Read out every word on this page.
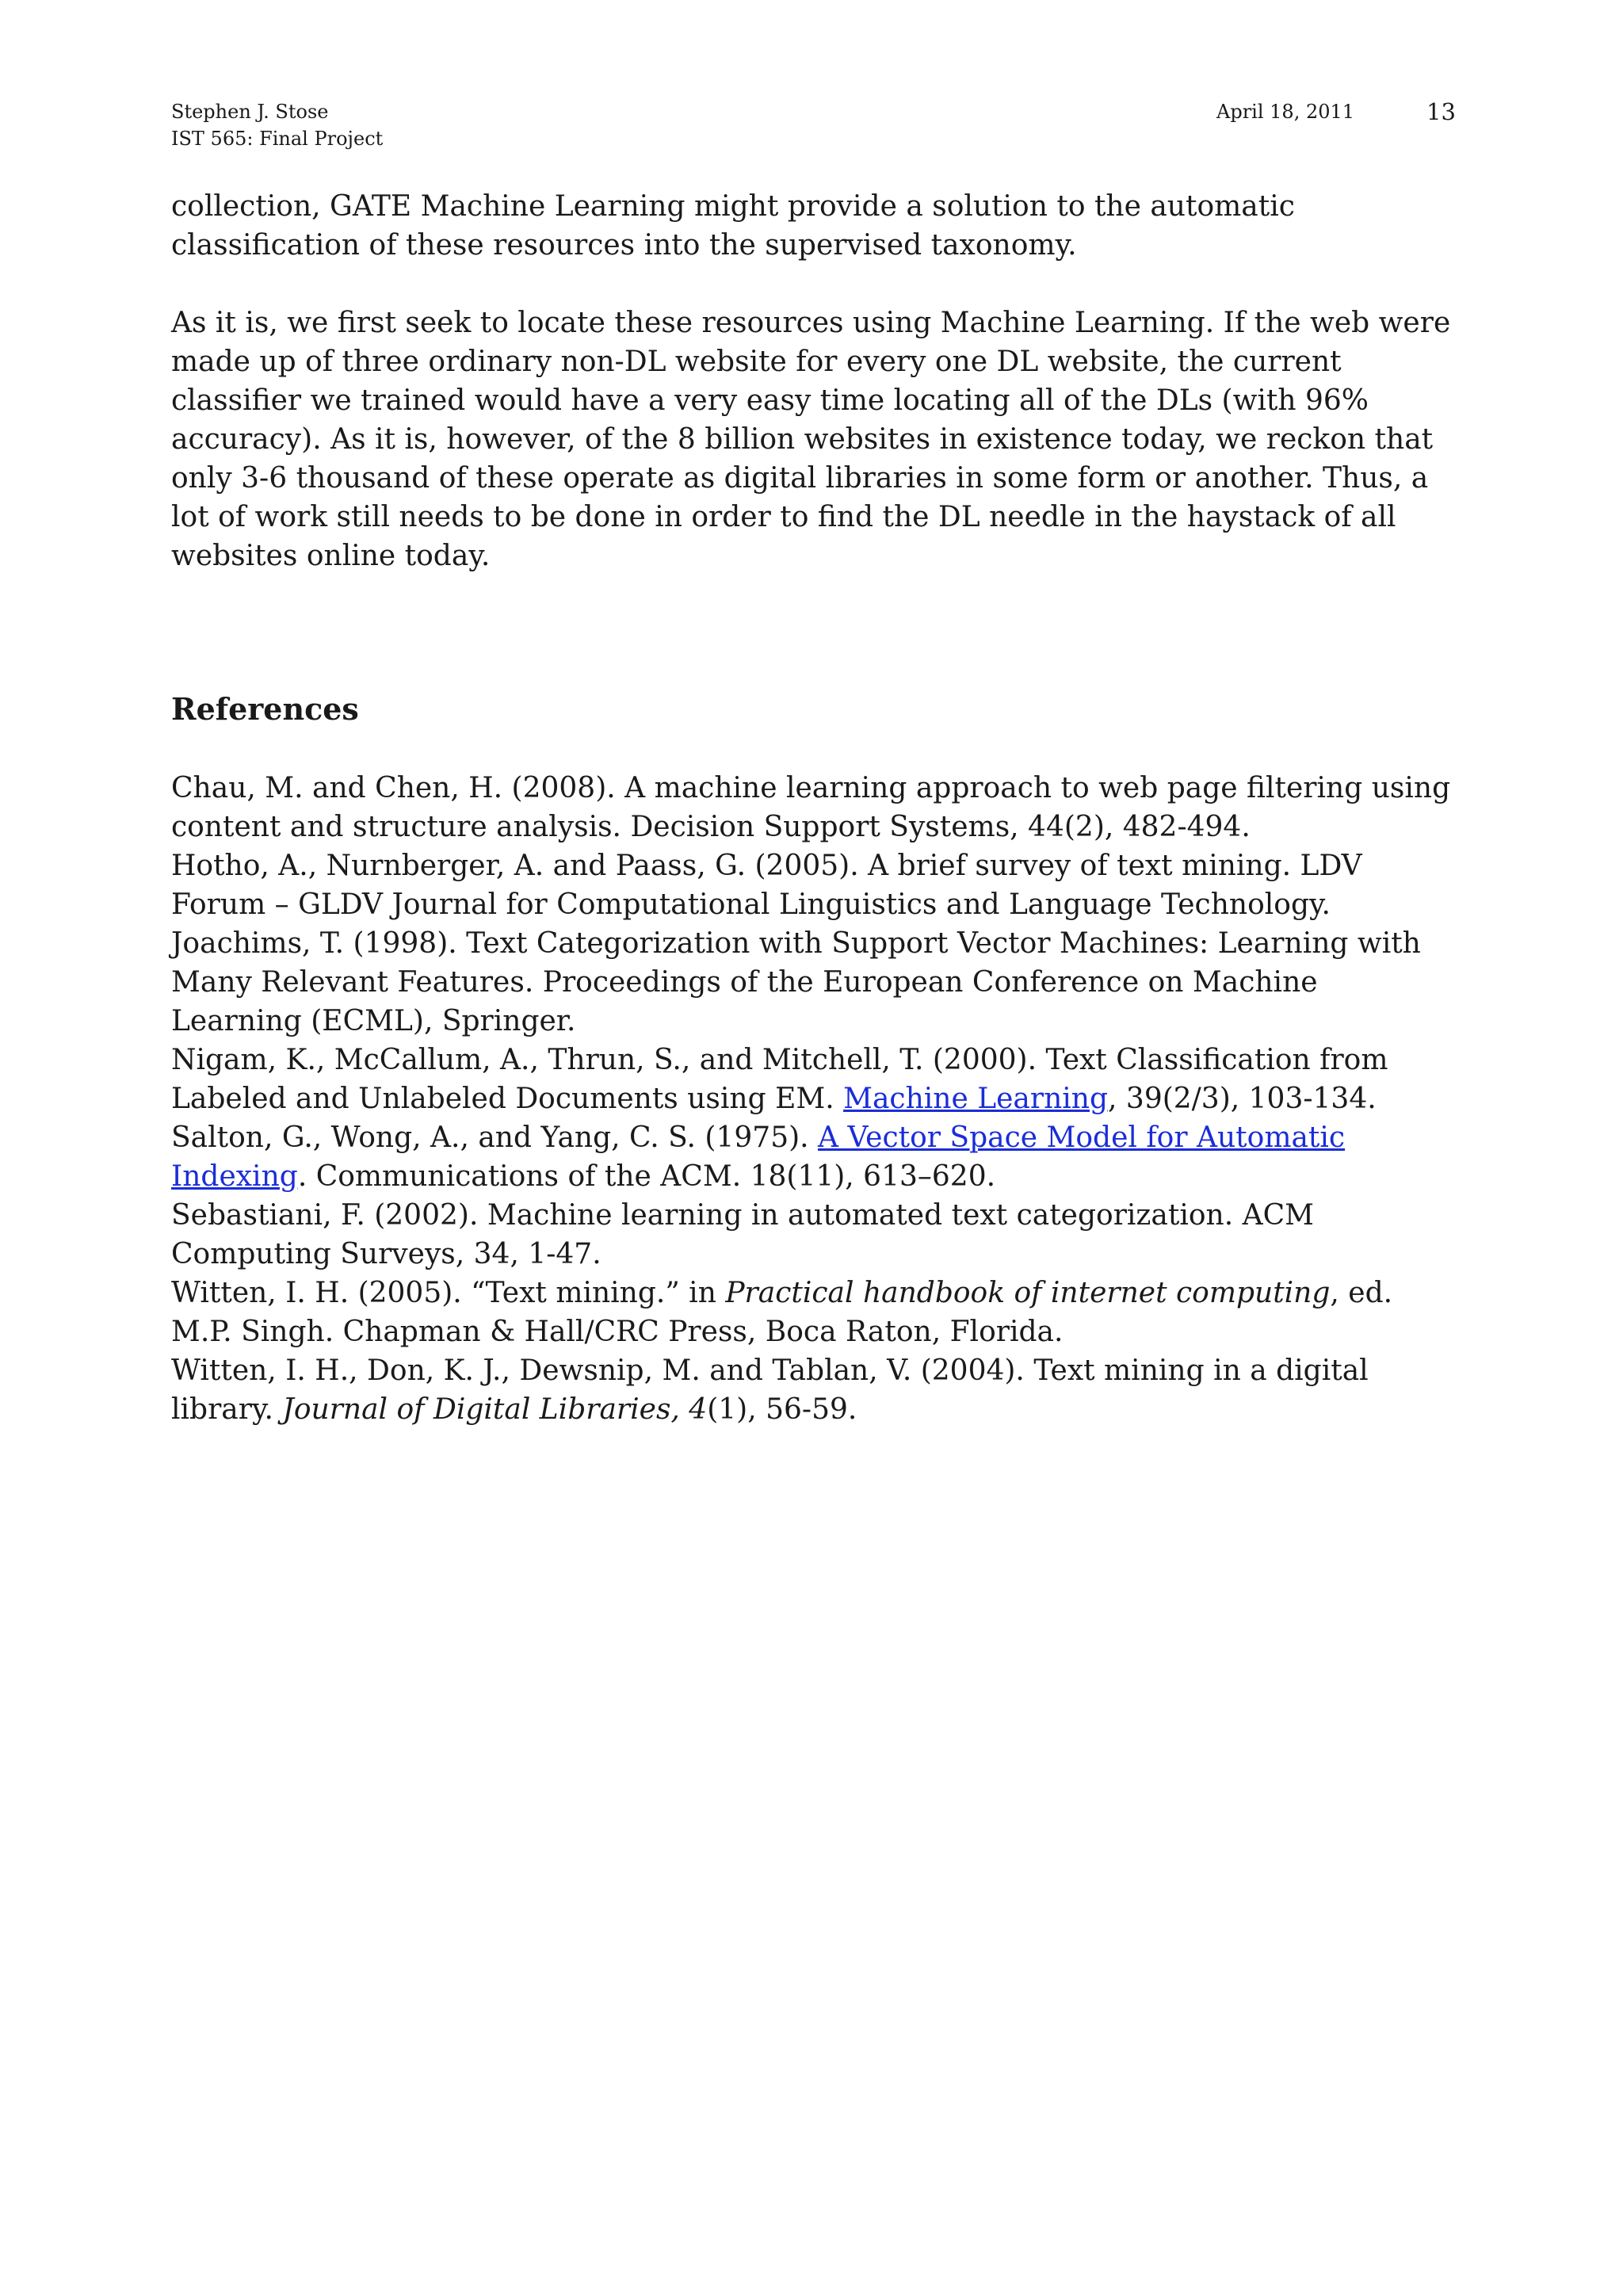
Stephen J. Stose
IST 565: Final Project
April 18, 2011	13

collection, GATE Machine Learning might provide a solution to the automatic classification of these resources into the supervised taxonomy.

As it is, we first seek to locate these resources using Machine Learning. If the web were made up of three ordinary non-DL website for every one DL website, the current classifier we trained would have a very easy time locating all of the DLs (with 96% accuracy). As it is, however, of the 8 billion websites in existence today, we reckon that only 3-6 thousand of these operate as digital libraries in some form or another. Thus, a lot of work still needs to be done in order to find the DL needle in the haystack of all websites online today.

References

Chau, M. and Chen, H. (2008). A machine learning approach to web page filtering using content and structure analysis. Decision Support Systems, 44(2), 482-494.

Hotho, A., Nurnberger, A. and Paass, G. (2005). A brief survey of text mining. LDV Forum – GLDV Journal for Computational Linguistics and Language Technology.

Joachims, T. (1998). Text Categorization with Support Vector Machines: Learning with Many Relevant Features. Proceedings of the European Conference on Machine Learning (ECML), Springer.

Nigam, K., McCallum, A., Thrun, S., and Mitchell, T. (2000). Text Classification from Labeled and Unlabeled Documents using EM. Machine Learning, 39(2/3), 103-134.

Salton, G., Wong, A., and Yang, C. S. (1975). A Vector Space Model for Automatic Indexing. Communications of the ACM. 18(11), 613–620.

Sebastiani, F. (2002). Machine learning in automated text categorization. ACM Computing Surveys, 34, 1-47.

Witten, I. H. (2005). “Text mining.” in Practical handbook of internet computing, ed. M.P. Singh. Chapman & Hall/CRC Press, Boca Raton, Florida.

Witten, I. H., Don, K. J., Dewsnip, M. and Tablan, V. (2004). Text mining in a digital library. Journal of Digital Libraries, 4(1), 56-59.
